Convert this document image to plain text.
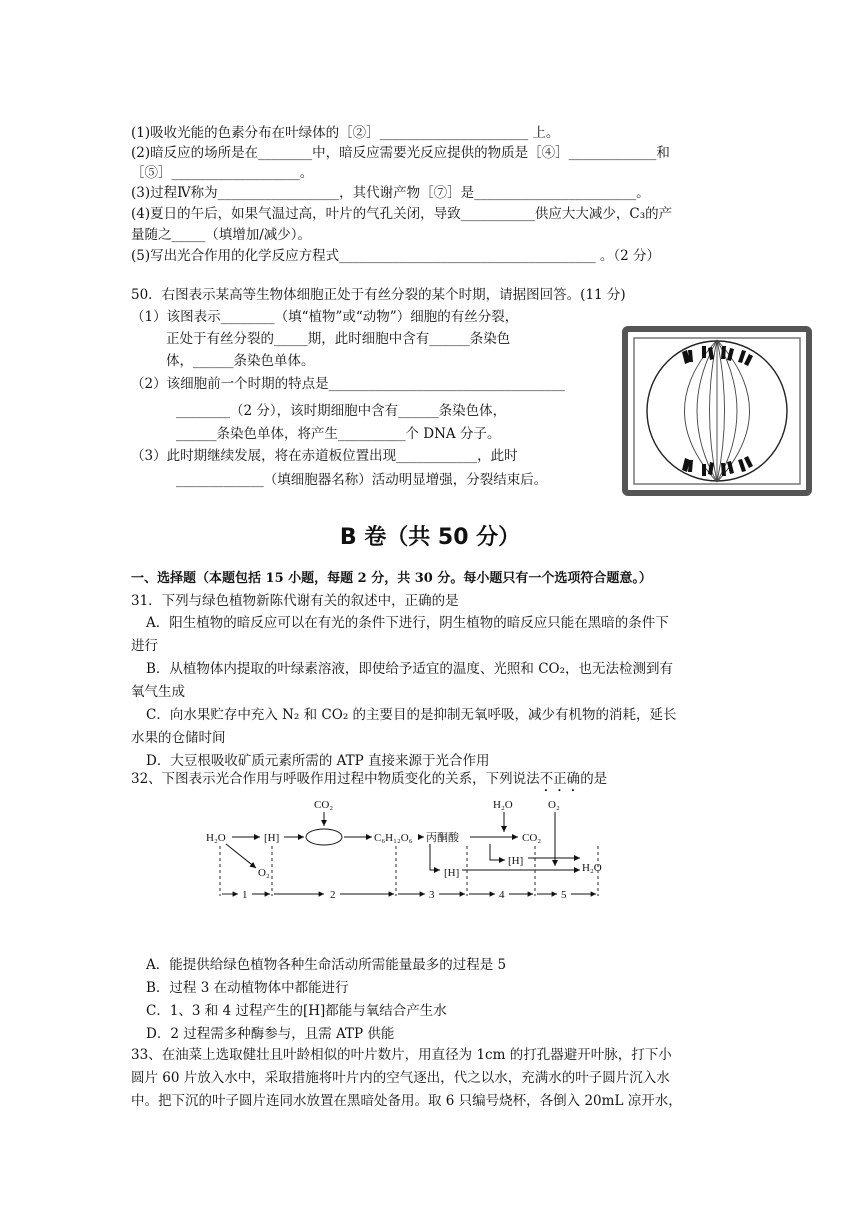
(1)吸收光能的色素分布在叶绿体的［②］______________________ 上。
(2)暗反应的场所是在________中，暗反应需要光反应提供的物质是［④］_____________和
［⑤］___________________。
(3)过程Ⅳ称为__________________，其代谢产物［⑦］是________________________。
(4)夏日的午后，如果气温过高，叶片的气孔关闭，导致___________供应大大减少，C₃的产
量随之_____（填增加/减少）。
(5)写出光合作用的化学反应方程式______________________________________ 。（2 分）
50．右图表示某高等生物体细胞正处于有丝分裂的某个时期，请据图回答。(11 分)
（1）该图表示________（填“植物”或“动物”）细胞的有丝分裂，
正处于有丝分裂的_____期，此时细胞中含有______条染色
体，______条染色单体。
（2）该细胞前一个时期的特点是___________________________________
________（2 分），该时期细胞中含有______条染色体，
______条染色单体，将产生__________个 DNA 分子。
（3）此时期继续发展，将在赤道板位置出现____________，此时
_____________（填细胞器名称）活动明显增强，分裂结束后。
B 卷（共 50 分）
一、选择题（本题包括 15 小题，每题 2 分，共 30 分。每小题只有一个选项符合题意。）
31．下列与绿色植物新陈代谢有关的叙述中，正确的是
A．阳生植物的暗反应可以在有光的条件下进行，阴生植物的暗反应只能在黑暗的条件下
进行
B．从植物体内提取的叶绿素溶液，即使给予适宜的温度、光照和 CO₂，也无法检测到有
氧气生成
C．向水果贮存中充入 N₂ 和 CO₂ 的主要目的是抑制无氧呼吸，减少有机物的消耗，延长
水果的仓储时间
D．大豆根吸收矿质元素所需的 ATP 直接来源于光合作用
32、下图表示光合作用与呼吸作用过程中物质变化的关系，下列说法不正确的是
H₂O	[H]
O₂
CO₂
C₆H₁₂O₆ 丙酮酸
H₂O	O₂
CO₂
[H]
[H]	H₂O
1	2	3	4	5
A．能提供给绿色植物各种生命活动所需能量最多的过程是 5
B．过程 3 在动植物体中都能进行
C．1、3 和 4 过程产生的[H]都能与氧结合产生水
D．2 过程需多种酶参与，且需 ATP 供能
33、在油菜上选取健壮且叶龄相似的叶片数片，用直径为 1cm 的打孔器避开叶脉，打下小
圆片 60 片放入水中，采取措施将叶片内的空气逐出，代之以水，充满水的叶子圆片沉入水
中。把下沉的叶子圆片连同水放置在黑暗处备用。取 6 只编号烧杯，各倒入 20mL 凉开水，
